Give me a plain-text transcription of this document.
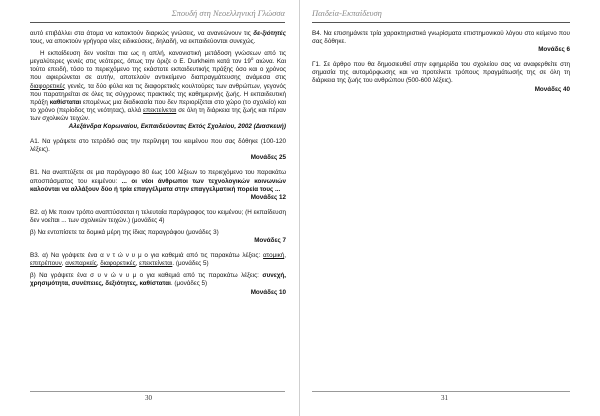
Σπουδή στη Νεοελληνική Γλώσσα

αυτό επιβάλλει στα άτομα να κατακτούν διαρκώς γνώσεις, να ανανεώνουν τις δε-ξιότητές τους, να αποκτούν γρήγορα νέες ειδικεύσεις, δηλαδή, να εκπαιδεύονται συνεχώς.

Η εκπαίδευση δεν νοείται πια ως η απλή, κανονιστική μετάδοση γνώσεων από τις μεγαλύτερες γενιές στις νεότερες, όπως την όριζε ο E. Durkheim κατά τον $19^o$ αιώνα. Και τούτο επειδή, τόσο το περιεχόμενο της εκάστοτε εκπαιδευτικής πράξης όσο και ο χρόνος που αφιερώνεται σε αυτήν, αποτελούν αντικείμενο διαπραγμάτευσης ανάμεσα στις διαφορετικές γενιές, τα δύο φύλα και τις διαφορετικές κουλτούρες των ανθρώπων, γεγονός που παρατηρείται σε όλες τις σύγχρονες πρακτικές της καθημερινής ζωής. Η εκπαιδευτική πράξη καθίσταται επομένως μια διαδικασία που δεν περιορίζεται στο χώρο (το σχολείο) και το χρόνο (περίοδος της νεότητας), αλλά επεκτείνεται σε όλη τη διάρκεια της ζωής και πέραν των σχολικών τειχών.

Αλεξάνδρα Κορωναίου, Εκπαιδεύοντας Εκτός Σχολείου, 2002 (Διασκευή)

Α1. Να γράψετε στο τετράδιό σας την περίληψη του κειμένου που σας δόθηκε (100-120 λέξεις).

Μονάδες 25

Β1. Να αναπτύξετε σε μια παράγραφο 80 έως 100 λέξεων το περιεχόμενο του παρακάτω αποσπάσματος του κειμένου: ... οι νέοι άνθρωποι των τεχνολογικών κοινωνιών καλούνται να αλλάξουν δύο ή τρία επαγγέλματα στην επαγγελματική πορεία τους ...

Μονάδες 12

Β2. α) Με ποιον τρόπο αναπτύσσεται η τελευταία παράγραφος του κειμένου; (Η εκπαίδευση δεν νοείται ... των σχολικών τειχών.) (μονάδες 4)

β) Να εντοπίσετε τα δομικά μέρη της ίδιας παραγράφου (μονάδες 3)

Μονάδες 7

Β3. α) Να γράψετε ένα α ν τ ώ ν υ μ ο για καθεμιά από τις παρακάτω λέξεις: ατομική, επιτρέπουν, ανεπαρκείς, διαφορετικές, επεκτείνεται. (μονάδες 5)

β) Να γράψετε ένα σ υ ν ώ ν υ μ ο για καθεμιά από τις παρακάτω λέξεις: συνεχή, χρησιμότητα, συνέπειες, δεξιότητες, καθίσταται. (μονάδες 5)

Μονάδες 10

30
Παιδεία-Εκπαίδευση

Β4. Να επισημάνετε τρία χαρακτηριστικά γνωρίσματα επιστημονικού λόγου στο κείμενο που σας δόθηκε.

Μονάδες 6

Γ1. Σε άρθρο που θα δημοσιευθεί στην εφημερίδα του σχολείου σας να αναφερθείτε στη σημασία της αυτομόρφωσης και να προτείνετε τρόπους πραγμάτωσής της σε όλη τη διάρκεια της ζωής του ανθρώπου (500-600 λέξεις).

Μονάδες 40

31
